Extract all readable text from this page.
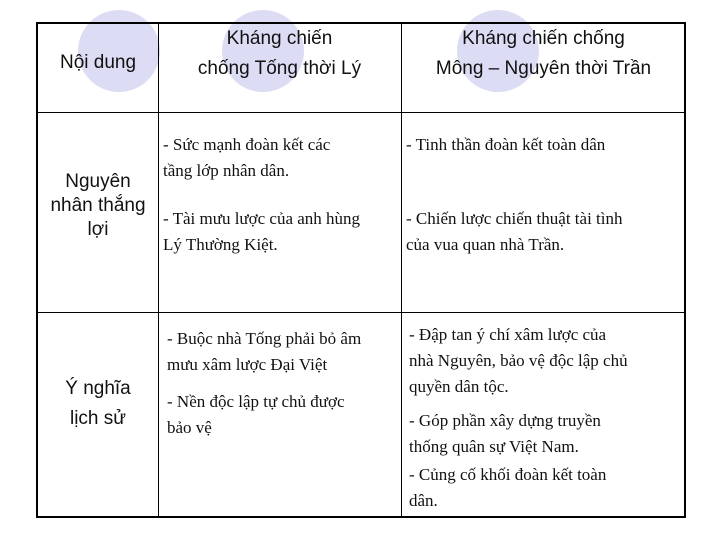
Nội dung
Kháng chiến
chống Tống thời Lý
Kháng chiến chống
Mông – Nguyên thời Trần
Nguyên
nhân thắng
lợi
- Sức mạnh đoàn kết các
tầng lớp nhân dân.
- Tài mưu lược của anh hùng
Lý Thường Kiệt.
- Tinh thần đoàn kết toàn dân
- Chiến lược chiến thuật tài tình
của vua quan nhà Trần.
Ý nghĩa
lịch sử
- Buộc nhà Tống phải bỏ âm
mưu xâm lược Đại Việt
- Nền độc lập tự chủ được
bảo vệ
- Đập tan ý chí xâm lược của
nhà Nguyên, bảo vệ độc lập chủ
quyền dân tộc.
- Góp phần xây dựng truyền
thống quân sự Việt Nam.
- Củng cố khối đoàn kết toàn
dân.
